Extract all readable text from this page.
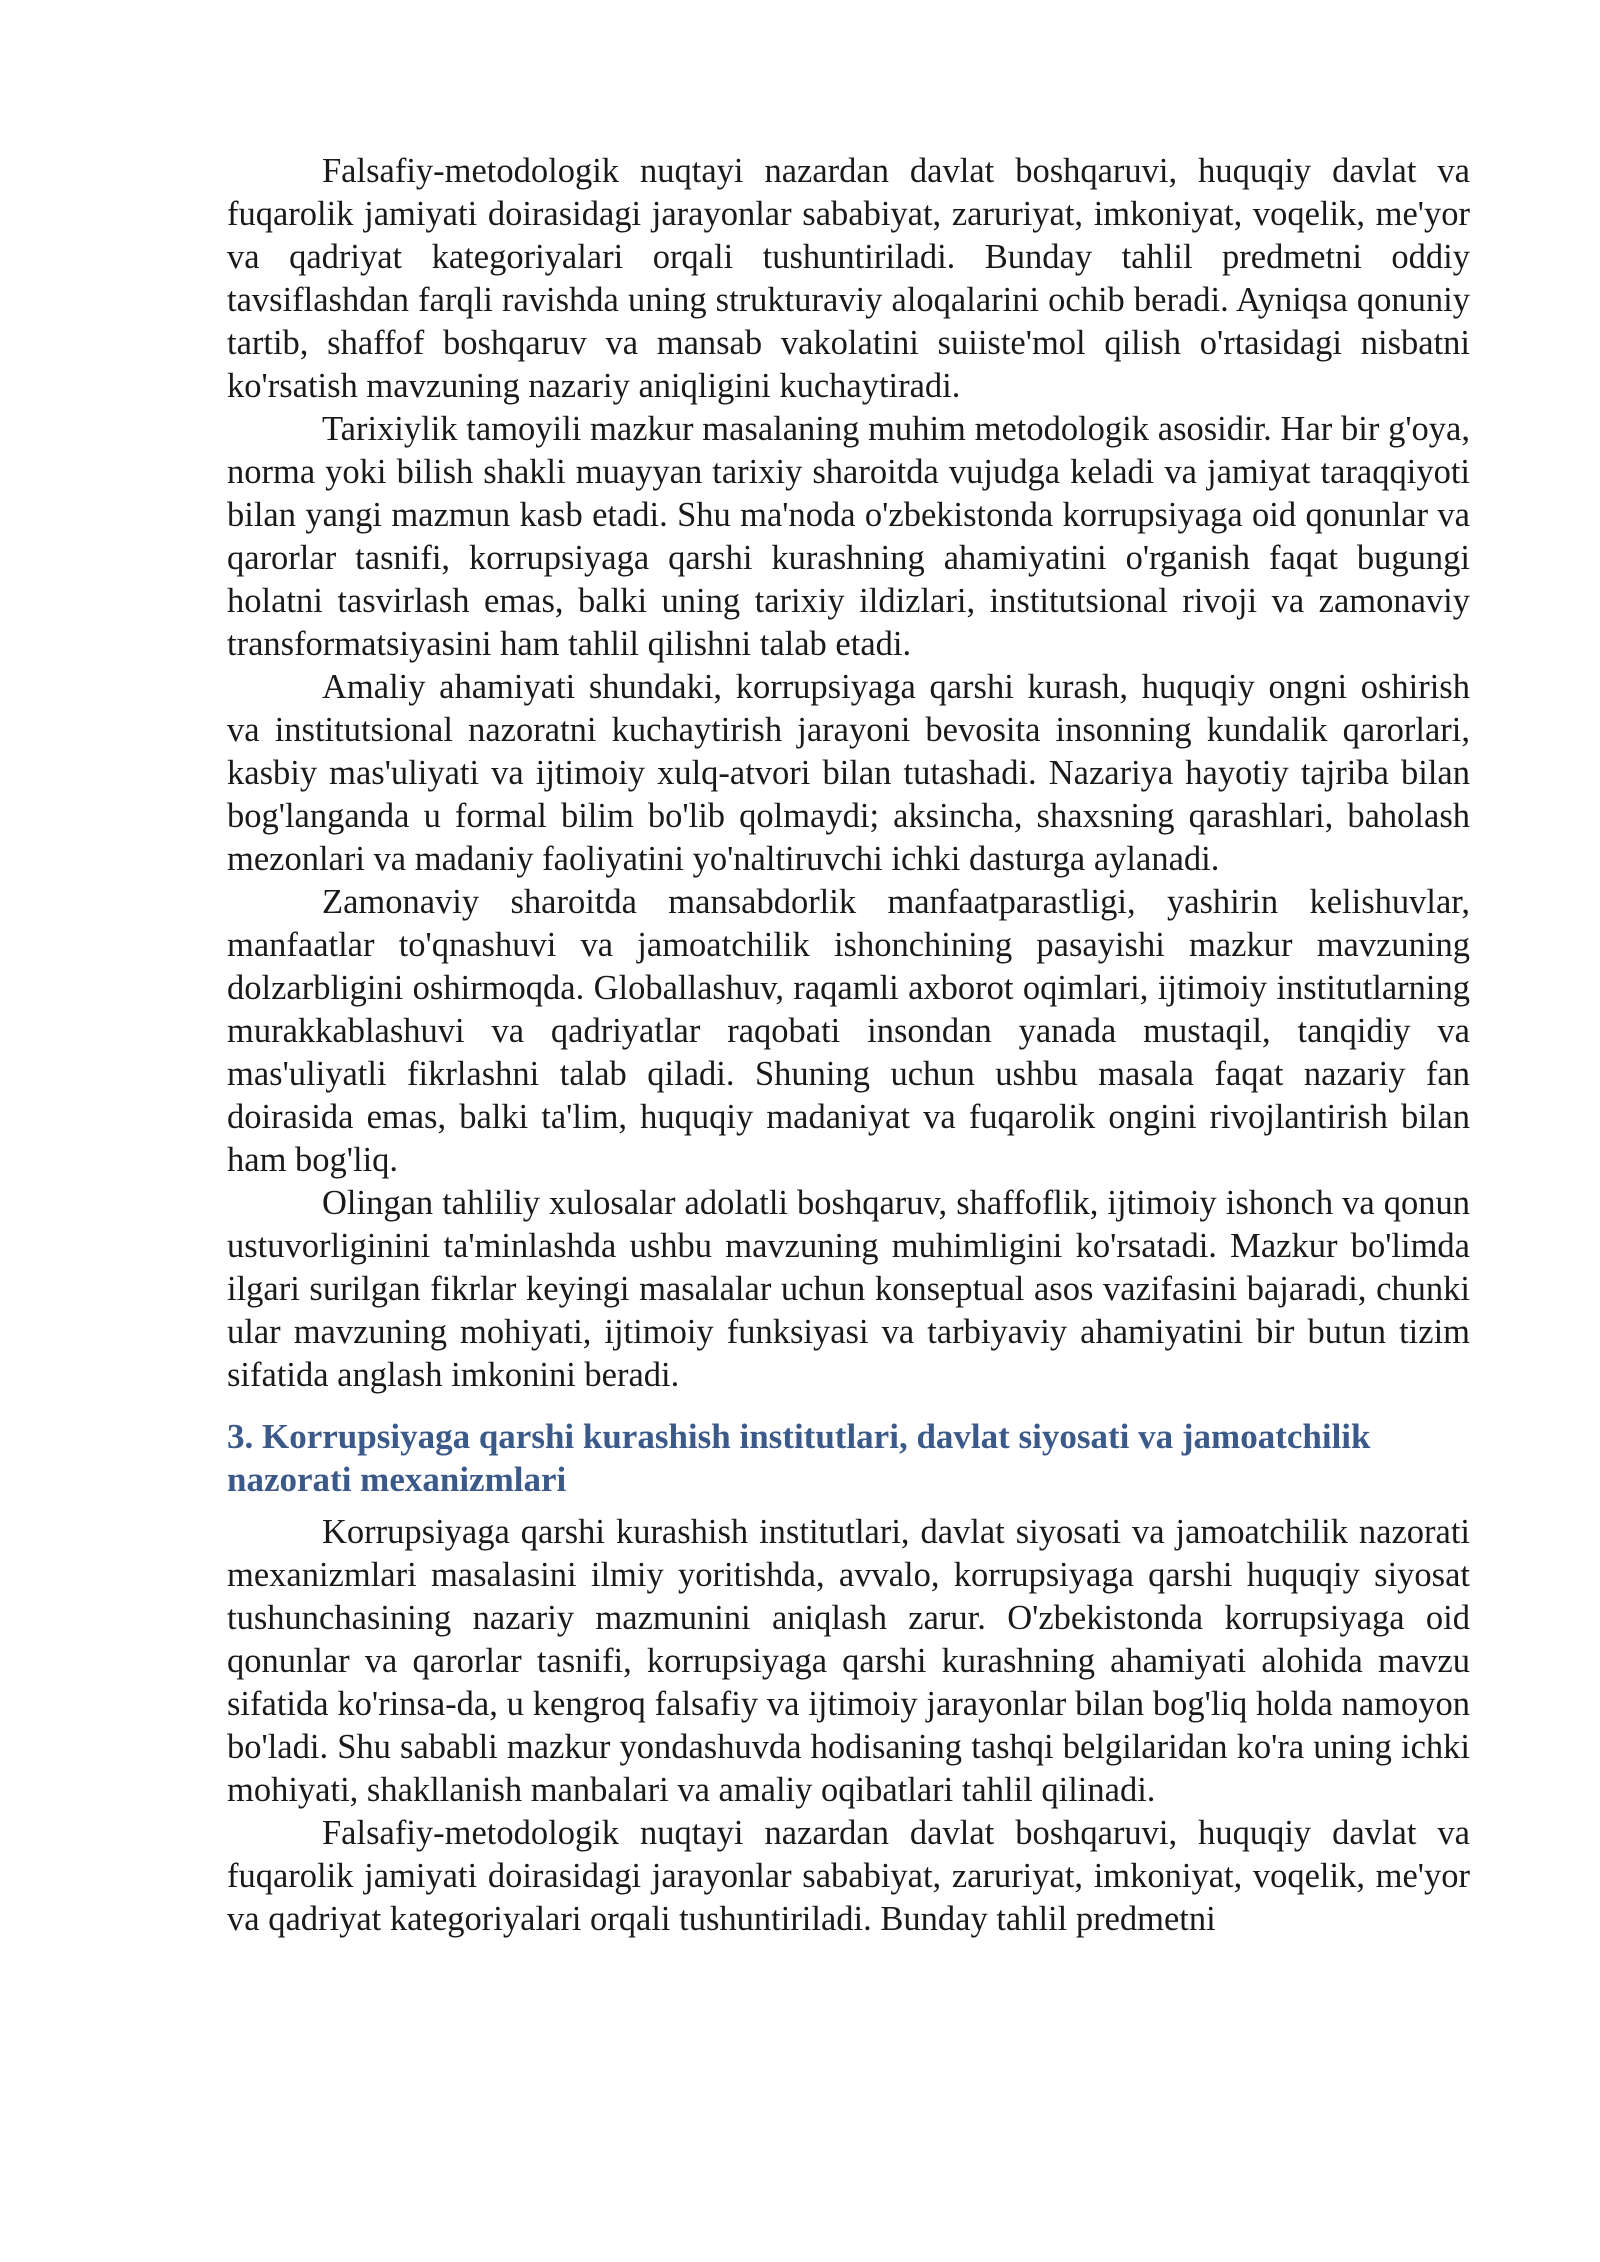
Falsafiy-metodologik nuqtayi nazardan davlat boshqaruvi, huquqiy davlat va fuqarolik jamiyati doirasidagi jarayonlar sababiyat, zaruriyat, imkoniyat, voqelik, me'yor va qadriyat kategoriyalari orqali tushuntiriladi. Bunday tahlil predmetni oddiy tavsiflashdan farqli ravishda uning strukturaviy aloqalarini ochib beradi. Ayniqsa qonuniy tartib, shaffof boshqaruv va mansab vakolatini suiiste'mol qilish o'rtasidagi nisbatni ko'rsatish mavzuning nazariy aniqligini kuchaytiradi.

Tarixiylik tamoyili mazkur masalaning muhim metodologik asosidir. Har bir g'oya, norma yoki bilish shakli muayyan tarixiy sharoitda vujudga keladi va jamiyat taraqqiyoti bilan yangi mazmun kasb etadi. Shu ma'noda o'zbekistonda korrupsiyaga oid qonunlar va qarorlar tasnifi, korrupsiyaga qarshi kurashning ahamiyatini o'rganish faqat bugungi holatni tasvirlash emas, balki uning tarixiy ildizlari, institutsional rivoji va zamonaviy transformatsiyasini ham tahlil qilishni talab etadi.

Amaliy ahamiyati shundaki, korrupsiyaga qarshi kurash, huquqiy ongni oshirish va institutsional nazoratni kuchaytirish jarayoni bevosita insonning kundalik qarorlari, kasbiy mas'uliyati va ijtimoiy xulq-atvori bilan tutashadi. Nazariya hayotiy tajriba bilan bog'langanda u formal bilim bo'lib qolmaydi; aksincha, shaxsning qarashlari, baholash mezonlari va madaniy faoliyatini yo'naltiruvchi ichki dasturga aylanadi.

Zamonaviy sharoitda mansabdorlik manfaatparastligi, yashirin kelishuvlar, manfaatlar to'qnashuvi va jamoatchilik ishonchining pasayishi mazkur mavzuning dolzarbligini oshirmoqda. Globallashuv, raqamli axborot oqimlari, ijtimoiy institutlarning murakkablashuvi va qadriyatlar raqobati insondan yanada mustaqil, tanqidiy va mas'uliyatli fikrlashni talab qiladi. Shuning uchun ushbu masala faqat nazariy fan doirasida emas, balki ta'lim, huquqiy madaniyat va fuqarolik ongini rivojlantirish bilan ham bog'liq.

Olingan tahliliy xulosalar adolatli boshqaruv, shaffoflik, ijtimoiy ishonch va qonun ustuvorliginini ta'minlashda ushbu mavzuning muhimligini ko'rsatadi. Mazkur bo'limda ilgari surilgan fikrlar keyingi masalalar uchun konseptual asos vazifasini bajaradi, chunki ular mavzuning mohiyati, ijtimoiy funksiyasi va tarbiyaviy ahamiyatini bir butun tizim sifatida anglash imkonini beradi.

3. Korrupsiyaga qarshi kurashish institutlari, davlat siyosati va jamoatchilik nazorati mexanizmlari

Korrupsiyaga qarshi kurashish institutlari, davlat siyosati va jamoatchilik nazorati mexanizmlari masalasini ilmiy yoritishda, avvalo, korrupsiyaga qarshi huquqiy siyosat tushunchasining nazariy mazmunini aniqlash zarur. O'zbekistonda korrupsiyaga oid qonunlar va qarorlar tasnifi, korrupsiyaga qarshi kurashning ahamiyati alohida mavzu sifatida ko'rinsa-da, u kengroq falsafiy va ijtimoiy jarayonlar bilan bog'liq holda namoyon bo'ladi. Shu sababli mazkur yondashuvda hodisaning tashqi belgilaridan ko'ra uning ichki mohiyati, shakllanish manbalari va amaliy oqibatlari tahlil qilinadi.

Falsafiy-metodologik nuqtayi nazardan davlat boshqaruvi, huquqiy davlat va fuqarolik jamiyati doirasidagi jarayonlar sababiyat, zaruriyat, imkoniyat, voqelik, me'yor va qadriyat kategoriyalari orqali tushuntiriladi. Bunday tahlil predmetni
